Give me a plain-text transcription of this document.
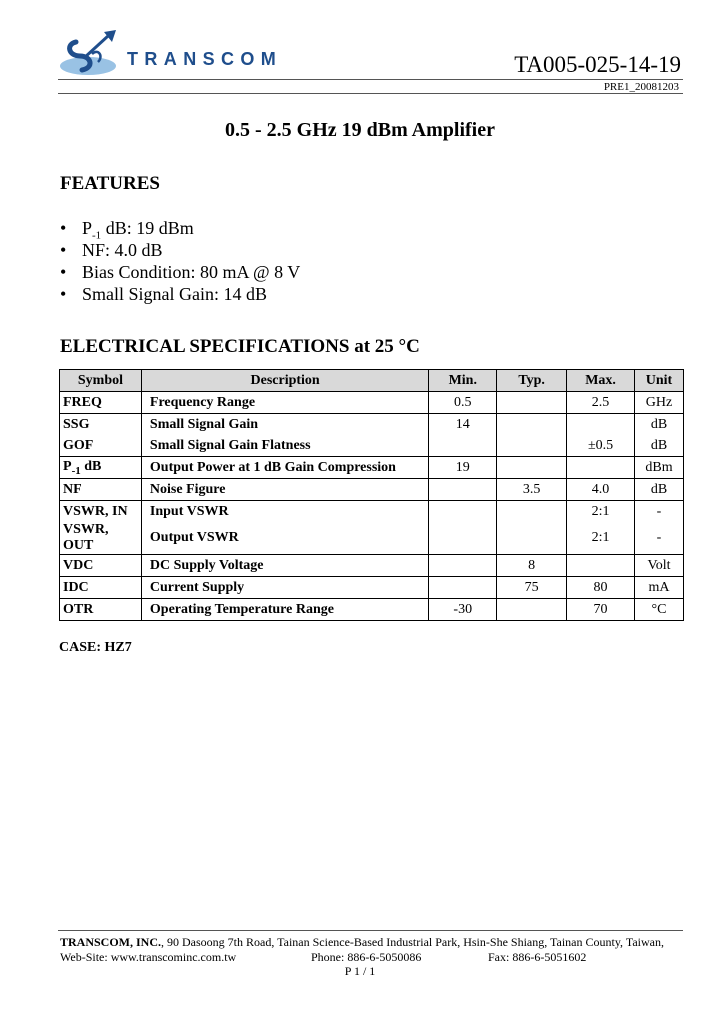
TRANSCOM	TA005-025-14-19
PRE1_20081203
0.5 - 2.5 GHz 19 dBm Amplifier
FEATURES
• $P_{-1}$ dB: 19 dBm
• NF: 4.0 dB
• Bias Condition: 80 mA @ 8 V
• Small Signal Gain: 14 dB
ELECTRICAL SPECIFICATIONS at 25 °C
Symbol	Description	Min.	Typ.	Max.	Unit
FREQ	Frequency Range	0.5		2.5	GHz
SSG	Small Signal Gain	14			dB
GOF	Small Signal Gain Flatness			±0.5	dB
$P_{-1}$ dB	Output Power at 1 dB Gain Compression	19			dBm
NF	Noise Figure		3.5	4.0	dB
VSWR, IN	Input VSWR			2:1	-
VSWR, OUT	Output VSWR			2:1	-
VDC	DC Supply Voltage		8		Volt
IDC	Current Supply		75	80	mA
OTR	Operating Temperature Range	-30		70	°C
CASE: HZ7
TRANSCOM, INC., 90 Dasoong 7th Road, Tainan Science-Based Industrial Park, Hsin-She Shiang, Tainan County, Taiwan,
Web-Site: www.transcominc.com.tw	Phone: 886-6-5050086	Fax: 886-6-5051602
P 1 / 1
